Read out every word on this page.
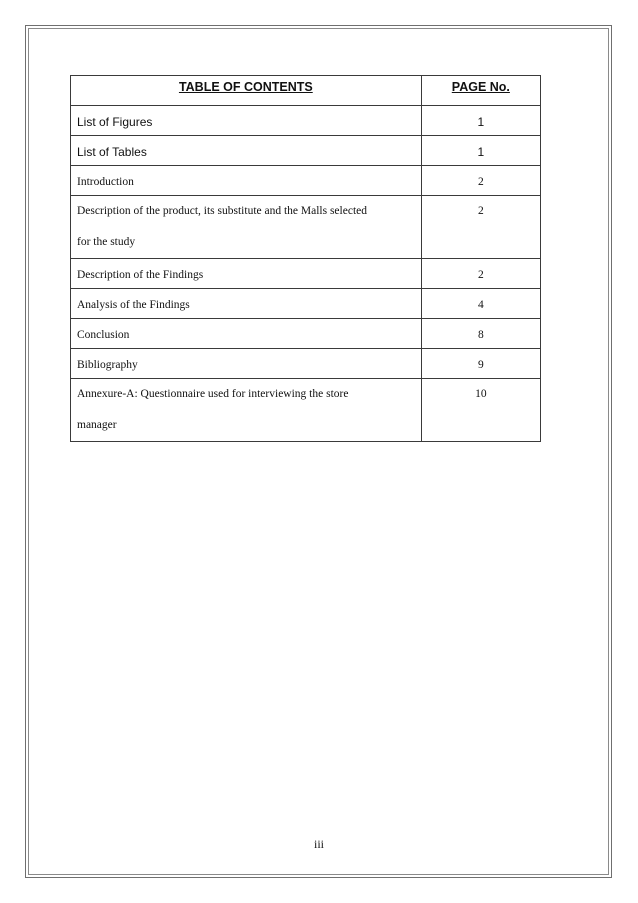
TABLE OF CONTENTS	PAGE No.
List of Figures	1
List of Tables	1
Introduction	2

Description of the product, its substitute and the Malls selected
for the study	2
Description of the Findings	2
Analysis of the Findings	4
Conclusion	8
Bibliography	9

Annexure-A: Questionnaire used for interviewing the store
manager	10
iii
